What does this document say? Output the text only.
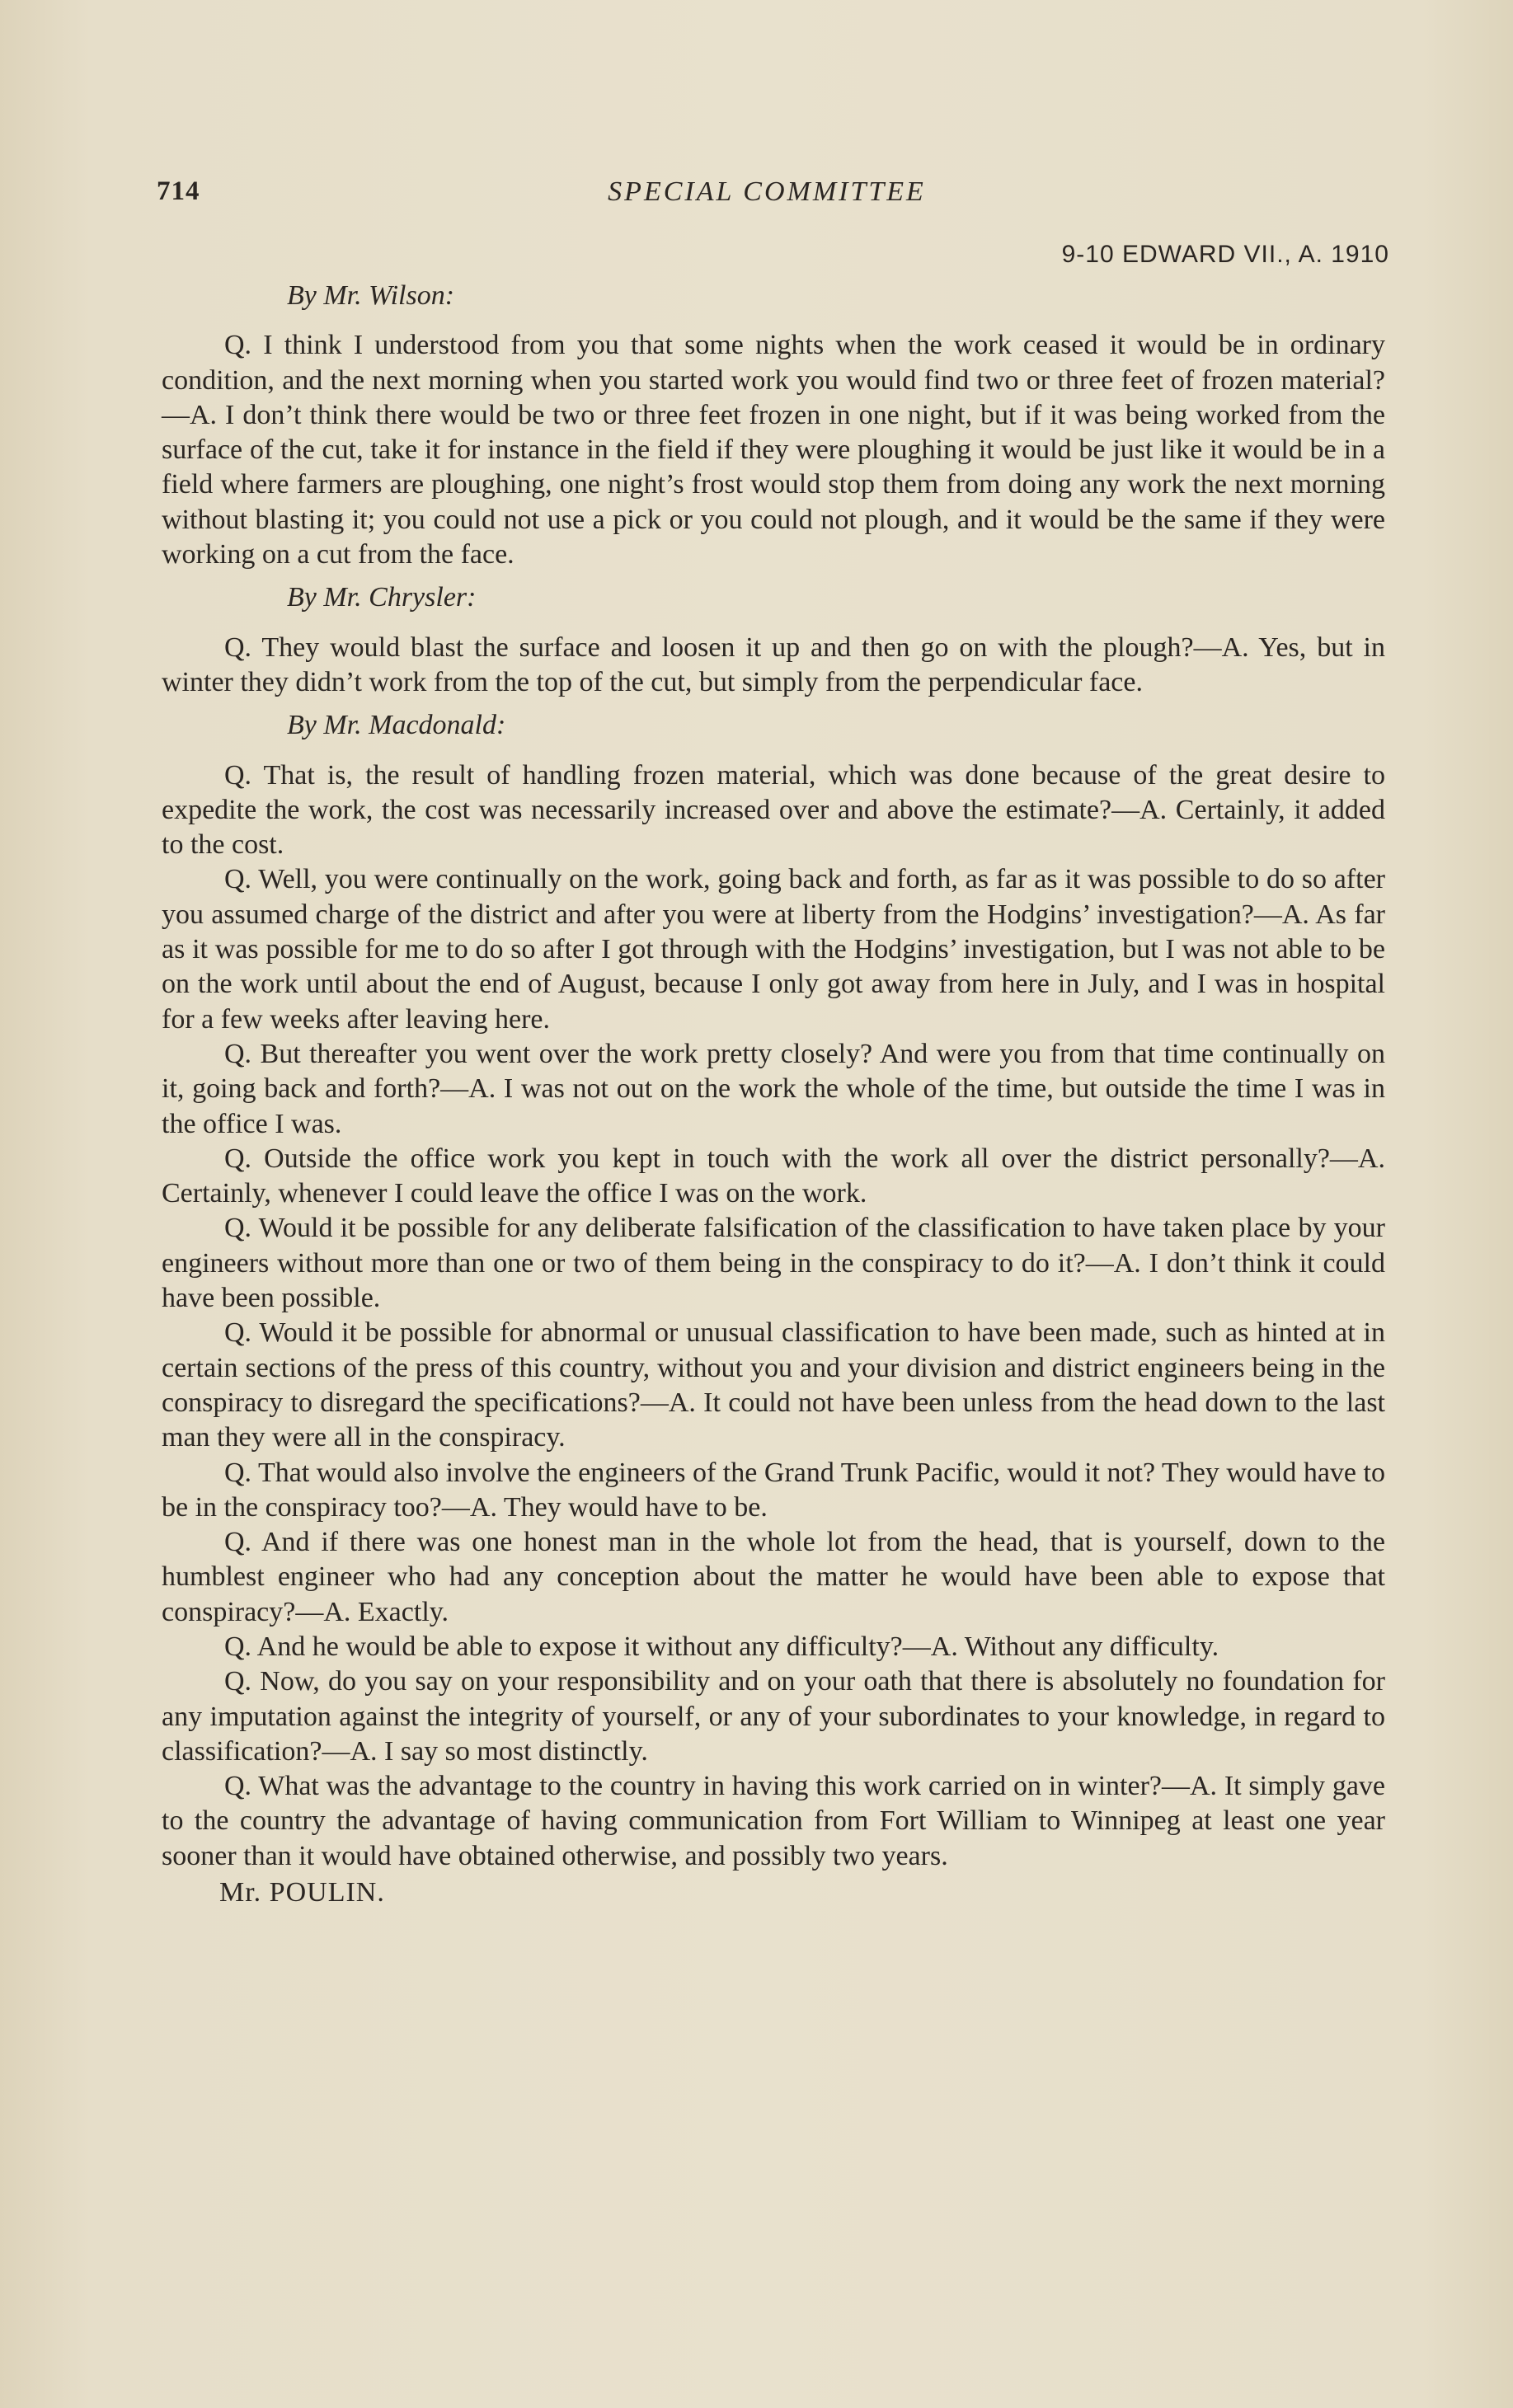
714	SPECIAL COMMITTEE
9-10 EDWARD VII., A. 1910

By Mr. Wilson:

Q. I think I understood from you that some nights when the work ceased it would be in ordinary condition, and the next morning when you started work you would find two or three feet of frozen material?—A. I don’t think there would be two or three feet frozen in one night, but if it was being worked from the surface of the cut, take it for instance in the field if they were ploughing it would be just like it would be in a field where farmers are ploughing, one night’s frost would stop them from doing any work the next morning without blasting it; you could not use a pick or you could not plough, and it would be the same if they were working on a cut from the face.

By Mr. Chrysler:

Q. They would blast the surface and loosen it up and then go on with the plough?—A. Yes, but in winter they didn’t work from the top of the cut, but simply from the perpendicular face.

By Mr. Macdonald:

Q. That is, the result of handling frozen material, which was done because of the great desire to expedite the work, the cost was necessarily increased over and above the estimate?—A. Certainly, it added to the cost.

Q. Well, you were continually on the work, going back and forth, as far as it was possible to do so after you assumed charge of the district and after you were at liberty from the Hodgins’ investigation?—A. As far as it was possible for me to do so after I got through with the Hodgins’ investigation, but I was not able to be on the work until about the end of August, because I only got away from here in July, and I was in hospital for a few weeks after leaving here.

Q. But thereafter you went over the work pretty closely? And were you from that time continually on it, going back and forth?—A. I was not out on the work the whole of the time, but outside the time I was in the office I was.

Q. Outside the office work you kept in touch with the work all over the district personally?—A. Certainly, whenever I could leave the office I was on the work.

Q. Would it be possible for any deliberate falsification of the classification to have taken place by your engineers without more than one or two of them being in the conspiracy to do it?—A. I don’t think it could have been possible.

Q. Would it be possible for abnormal or unusual classification to have been made, such as hinted at in certain sections of the press of this country, without you and your division and district engineers being in the conspiracy to disregard the specifications?—A. It could not have been unless from the head down to the last man they were all in the conspiracy.

Q. That would also involve the engineers of the Grand Trunk Pacific, would it not? They would have to be in the conspiracy too?—A. They would have to be.

Q. And if there was one honest man in the whole lot from the head, that is yourself, down to the humblest engineer who had any conception about the matter he would have been able to expose that conspiracy?—A. Exactly.

Q. And he would be able to expose it without any difficulty?—A. Without any difficulty.

Q. Now, do you say on your responsibility and on your oath that there is absolutely no foundation for any imputation against the integrity of yourself, or any of your subordinates to your knowledge, in regard to classification?—A. I say so most distinctly.

Q. What was the advantage to the country in having this work carried on in winter?—A. It simply gave to the country the advantage of having communication from Fort William to Winnipeg at least one year sooner than it would have obtained otherwise, and possibly two years.

Mr. POULIN.
